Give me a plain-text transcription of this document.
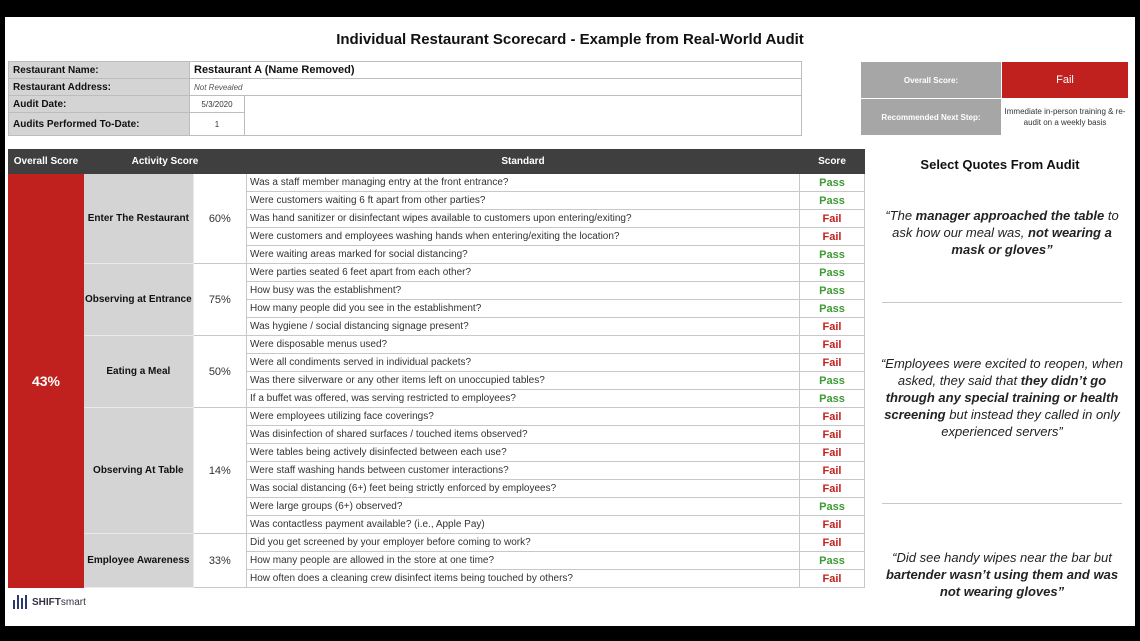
Individual Restaurant Scorecard - Example from Real-World Audit
Restaurant Name:	Restaurant A (Name Removed)	
Restaurant Address:	Not Revealed	
Audit Date:	5/3/2020	
Audits Performed To-Date:	1	
Overall Score:	Fail
Recommended Next Step:	Immediate in-person training & re-audit on a weekly basis
Overall Score	Activity Score		Standard	Score
43%	Enter The Restaurant	60%	Was a staff member managing entry at the front entrance?	Pass
			Were customers waiting 6 ft apart from other parties?	Pass
			Was hand sanitizer or disinfectant wipes available to customers upon entering/exiting?	Fail
			Were customers and employees washing hands when entering/exiting the location?	Fail
			Were waiting areas marked for social distancing?	Pass
	Observing at Entrance	75%	Were parties seated 6 feet apart from each other?	Pass
			How busy was the establishment?	Pass
			How many people did you see in the establishment?	Pass
			Was hygiene / social distancing signage present?	Fail
	Eating a Meal	50%	Were disposable menus used?	Fail
			Were all condiments served in individual packets?	Fail
			Was there silverware or any other items left on unoccupied tables?	Pass
			If a buffet was offered, was serving restricted to employees?	Pass
	Observing At Table	14%	Were employees utilizing face coverings?	Fail
			Was disinfection of shared surfaces / touched items observed?	Fail
			Were tables being actively disinfected between each use?	Fail
			Were staff washing hands between customer interactions?	Fail
			Was social distancing (6+) feet being strictly enforced by employees?	Fail
			Were large groups (6+) observed?	Pass
			Was contactless payment available? (i.e., Apple Pay)	Fail
	Employee Awareness	33%	Did you get screened by your employer before coming to work?	Fail
			How many people are allowed in the store at one time?	Pass
			How often does a cleaning crew disinfect items being touched by others?	Fail
Select Quotes From Audit
“The manager approached the table to ask how our meal was, not wearing a mask or gloves”
“Employees were excited to reopen, when asked, they said that they didn’t go through any special training or health screening but instead they called in only experienced servers”
“Did see handy wipes near the bar but bartender wasn’t using them and was not wearing gloves”
SHIFTsmart
